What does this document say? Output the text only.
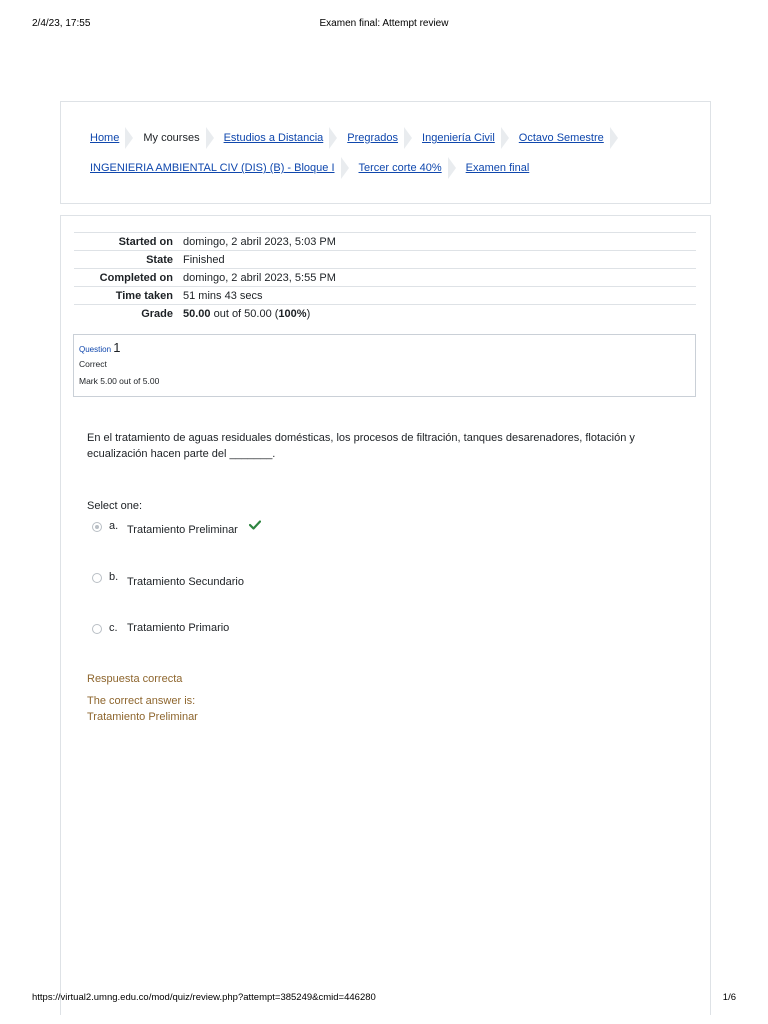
2/4/23, 17:55	Examen final: Attempt review
Home My courses Estudios a Distancia Pregrados Ingeniería Civil Octavo Semestre
INGENIERIA AMBIENTAL CIV (DIS) (B) - Bloque I Tercer corte 40% Examen final
Started on domingo, 2 abril 2023, 5:03 PM
State Finished
Completed on domingo, 2 abril 2023, 5:55 PM
Time taken 51 mins 43 secs
Grade 50.00 out of 50.00 (100%)
Question 1
Correct
Mark 5.00 out of 5.00
En el tratamiento de aguas residuales domésticas, los procesos de filtración, tanques desarenadores, flotación y ecualización hacen parte del _______.
Select one:
a. Tratamiento Preliminar
b. Tratamiento Secundario
c. Tratamiento Primario
Respuesta correcta
The correct answer is:
Tratamiento Preliminar
https://virtual2.umng.edu.co/mod/quiz/review.php?attempt=385249&cmid=446280	1/6
